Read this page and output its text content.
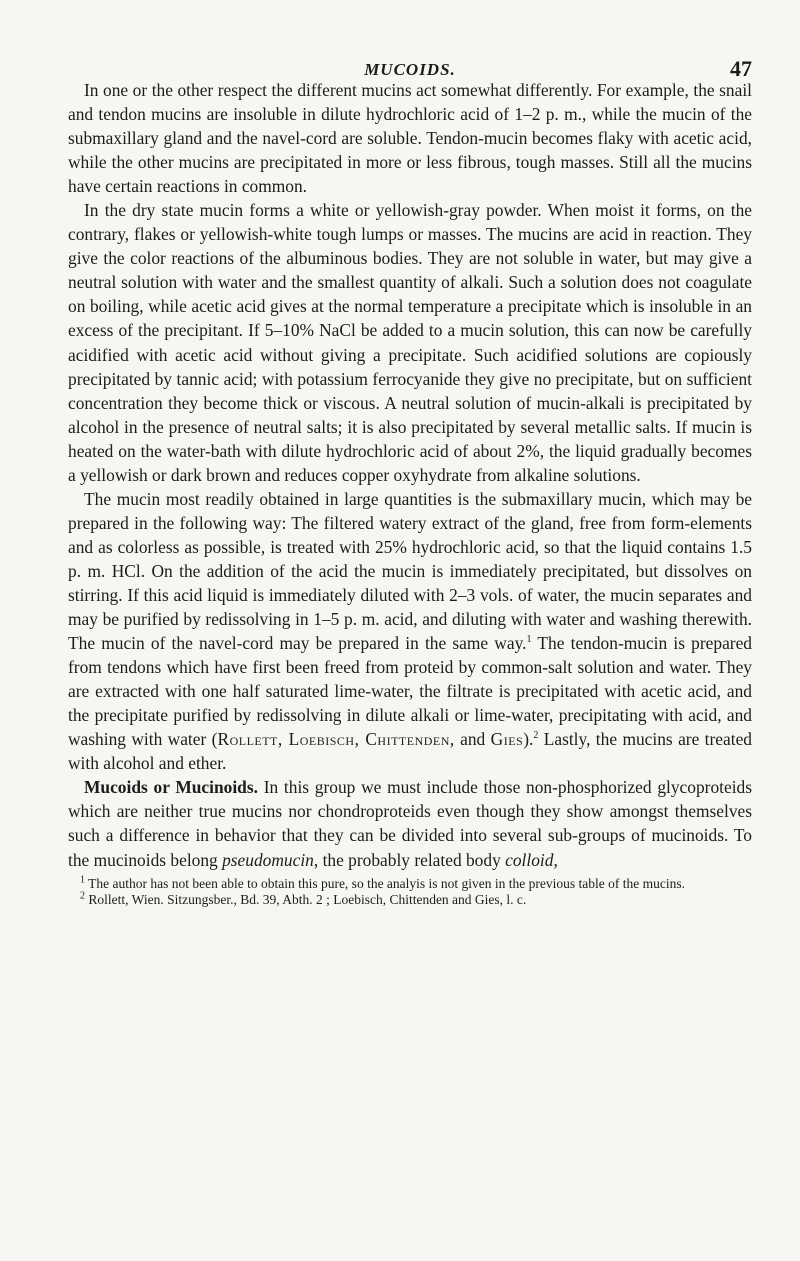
MUCOIDS.	47

In one or the other respect the different mucins act somewhat differently. For example, the snail and tendon mucins are insoluble in dilute hydrochloric acid of 1–2 p. m., while the mucin of the submaxillary gland and the navel-cord are soluble. Tendon-mucin becomes flaky with acetic acid, while the other mucins are precipitated in more or less fibrous, tough masses. Still all the mucins have certain reactions in common.

In the dry state mucin forms a white or yellowish-gray powder. When moist it forms, on the contrary, flakes or yellowish-white tough lumps or masses. The mucins are acid in reaction. They give the color reactions of the albuminous bodies. They are not soluble in water, but may give a neutral solution with water and the smallest quantity of alkali. Such a solution does not coagulate on boiling, while acetic acid gives at the normal temperature a precipitate which is insoluble in an excess of the precipitant. If 5–10% NaCl be added to a mucin solution, this can now be carefully acidified with acetic acid without giving a precipitate. Such acidified solutions are copiously precipitated by tannic acid; with potassium ferrocyanide they give no precipitate, but on sufficient concentration they become thick or viscous. A neutral solution of mucin-alkali is precipitated by alcohol in the presence of neutral salts; it is also precipitated by several metallic salts. If mucin is heated on the water-bath with dilute hydrochloric acid of about 2%, the liquid gradually becomes a yellowish or dark brown and reduces copper oxyhydrate from alkaline solutions.

The mucin most readily obtained in large quantities is the submaxillary mucin, which may be prepared in the following way: The filtered watery extract of the gland, free from form-elements and as colorless as possible, is treated with 25% hydrochloric acid, so that the liquid contains 1.5 p. m. HCl. On the addition of the acid the mucin is immediately precipitated, but dissolves on stirring. If this acid liquid is immediately diluted with 2–3 vols. of water, the mucin separates and may be purified by redissolving in 1–5 p. m. acid, and diluting with water and washing therewith. The mucin of the navel-cord may be prepared in the same way.$^1$ The tendon-mucin is prepared from tendons which have first been freed from proteid by common-salt solution and water. They are extracted with one half saturated lime-water, the filtrate is precipitated with acetic acid, and the precipitate purified by redissolving in dilute alkali or lime-water, precipitating with acid, and washing with water (Rollett, Loebisch, Chittenden, and Gies).$^2$ Lastly, the mucins are treated with alcohol and ether.

Mucoids or Mucinoids. In this group we must include those non-phosphorized glycoproteids which are neither true mucins nor chondroproteids even though they show amongst themselves such a difference in behavior that they can be divided into several sub-groups of mucinoids. To the mucinoids belong pseudomucin, the probably related body colloid,

$^1$ The author has not been able to obtain this pure, so the analyis is not given in the previous table of the mucins.

$^2$ Rollett, Wien. Sitzungsber., Bd. 39, Abth. 2 ; Loebisch, Chittenden and Gies, l. c.
